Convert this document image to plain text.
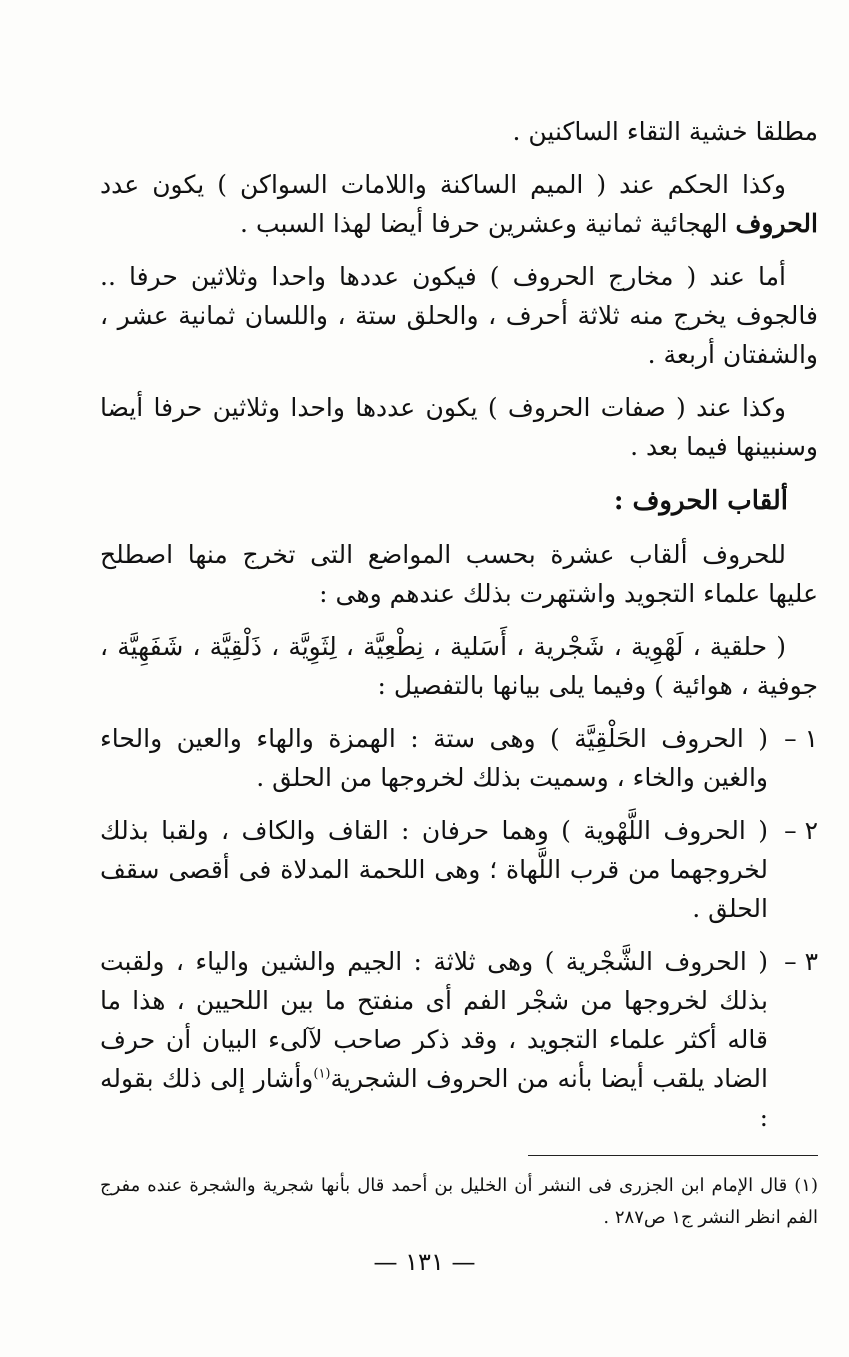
مطلقا خشية التقاء الساكنين .

وكذا الحكم عند ( الميم الساكنة واللامات السواكن ) يكون عدد الحروف الهجائية ثمانية وعشرين حرفا أيضا لهذا السبب .

أما عند ( مخارج الحروف ) فيكون عددها واحدا وثلاثين حرفا .. فالجوف يخرج منه ثلاثة أحرف ، والحلق ستة ، واللسان ثمانية عشر ، والشفتان أربعة .

وكذا عند ( صفات الحروف ) يكون عددها واحدا وثلاثين حرفا أيضا وسنبينها فيما بعد .

ألقاب الحروف :

للحروف ألقاب عشرة بحسب المواضع التى تخرج منها اصطلح عليها علماء التجويد واشتهرت بذلك عندهم وهى :

( حلقية ، لَهْوِية ، شَجْرية ، أَسَلية ، نِطْعِيَّة ، لِثَوِيَّة ، ذَلْقِيَّة ، شَفَهِيَّة ، جوفية ، هوائية ) وفيما يلى بيانها بالتفصيل :

١ –

( الحروف الحَلْقِيَّة ) وهى ستة : الهمزة والهاء والعين والحاء والغين والخاء ، وسميت بذلك لخروجها من الحلق .

٢ –

( الحروف اللَّهْوية ) وهما حرفان : القاف والكاف ، ولقبا بذلك لخروجهما من قرب اللَّهاة ؛ وهى اللحمة المدلاة فى أقصى سقف الحلق .

٣ –

( الحروف الشَّجْرية ) وهى ثلاثة : الجيم والشين والياء ، ولقبت بذلك لخروجها من شجْر الفم أى منفتح ما بين اللحيين ، هذا ما قاله أكثر علماء التجويد ، وقد ذكر صاحب لآلىء البيان أن حرف الضاد يلقب أيضا بأنه من الحروف الشجرية$^{(١)}$وأشار إلى ذلك بقوله :

(١) قال الإمام ابن الجزرى فى النشر أن الخليل بن أحمد قال بأنها شجرية والشجرة عنده مفرج الفم انظر النشر ج١ ص٢٨٧ .

— ١٣١ —
